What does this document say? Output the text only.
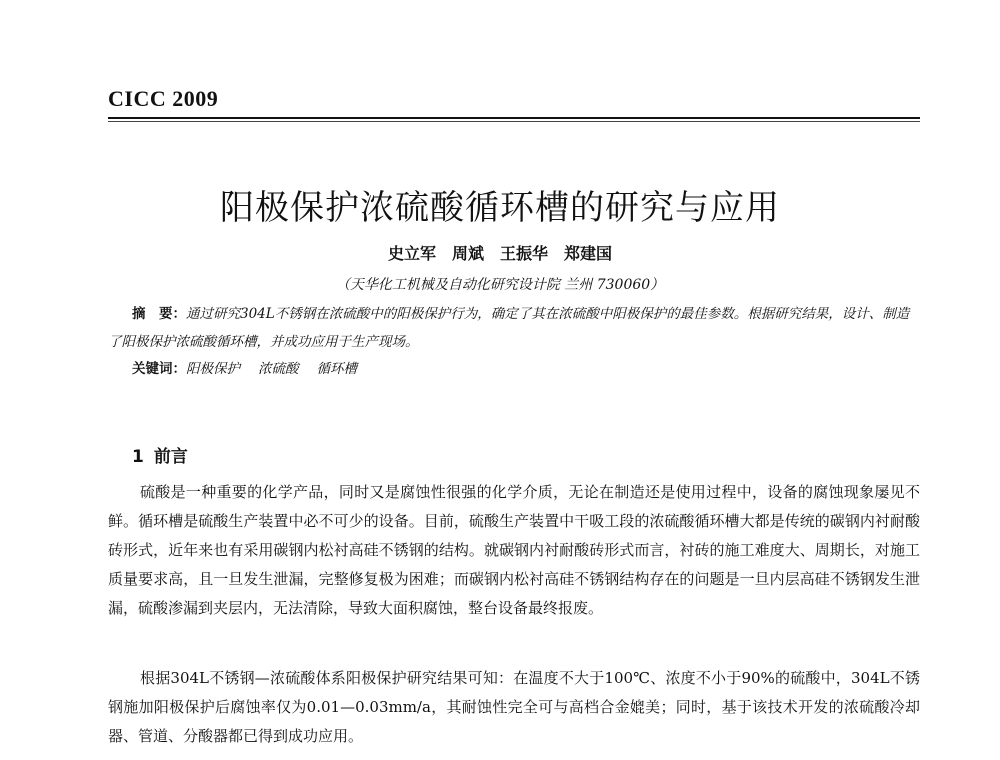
CICC 2009
阳极保护浓硫酸循环槽的研究与应用
史立军　周斌　王振华　郑建国
（天华化工机械及自动化研究设计院 兰州 730060）

摘　要：通过研究304L不锈钢在浓硫酸中的阳极保护行为，确定了其在浓硫酸中阳极保护的最佳参数。根据研究结果，设计、制造了阳极保护浓硫酸循环槽，并成功应用于生产现场。

关键词：阳极保护 浓硫酸 循环槽
1 前言

硫酸是一种重要的化学产品，同时又是腐蚀性很强的化学介质，无论在制造还是使用过程中，设备的腐蚀现象屡见不鲜。循环槽是硫酸生产装置中必不可少的设备。目前，硫酸生产装置中干吸工段的浓硫酸循环槽大都是传统的碳钢内衬耐酸砖形式，近年来也有采用碳钢内松衬高硅不锈钢的结构。就碳钢内衬耐酸砖形式而言，衬砖的施工难度大、周期长，对施工质量要求高，且一旦发生泄漏，完整修复极为困难；而碳钢内松衬高硅不锈钢结构存在的问题是一旦内层高硅不锈钢发生泄漏，硫酸渗漏到夹层内，无法清除，导致大面积腐蚀，整台设备最终报废。

根据304L不锈钢—浓硫酸体系阳极保护研究结果可知：在温度不大于100℃、浓度不小于90%的硫酸中，304L不锈钢施加阳极保护后腐蚀率仅为0.01—0.03mm/a，其耐蚀性完全可与高档合金媲美；同时，基于该技术开发的浓硫酸冷却器、管道、分酸器都已得到成功应用。
